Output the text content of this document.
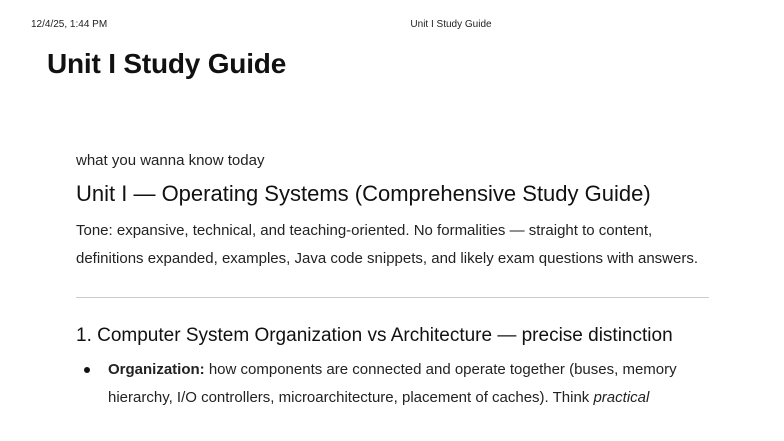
12/4/25, 1:44 PM	Unit I Study Guide
Unit I Study Guide

what you wanna know today

Unit I — Operating Systems (Comprehensive Study Guide)

Tone: expansive, technical, and teaching-oriented. No formalities — straight to content, definitions expanded, examples, Java code snippets, and likely exam questions with answers.

1. Computer System Organization vs Architecture — precise distinction
Organization: how components are connected and operate together (buses, memory hierarchy, I/O controllers, microarchitecture, placement of caches). Think practical
